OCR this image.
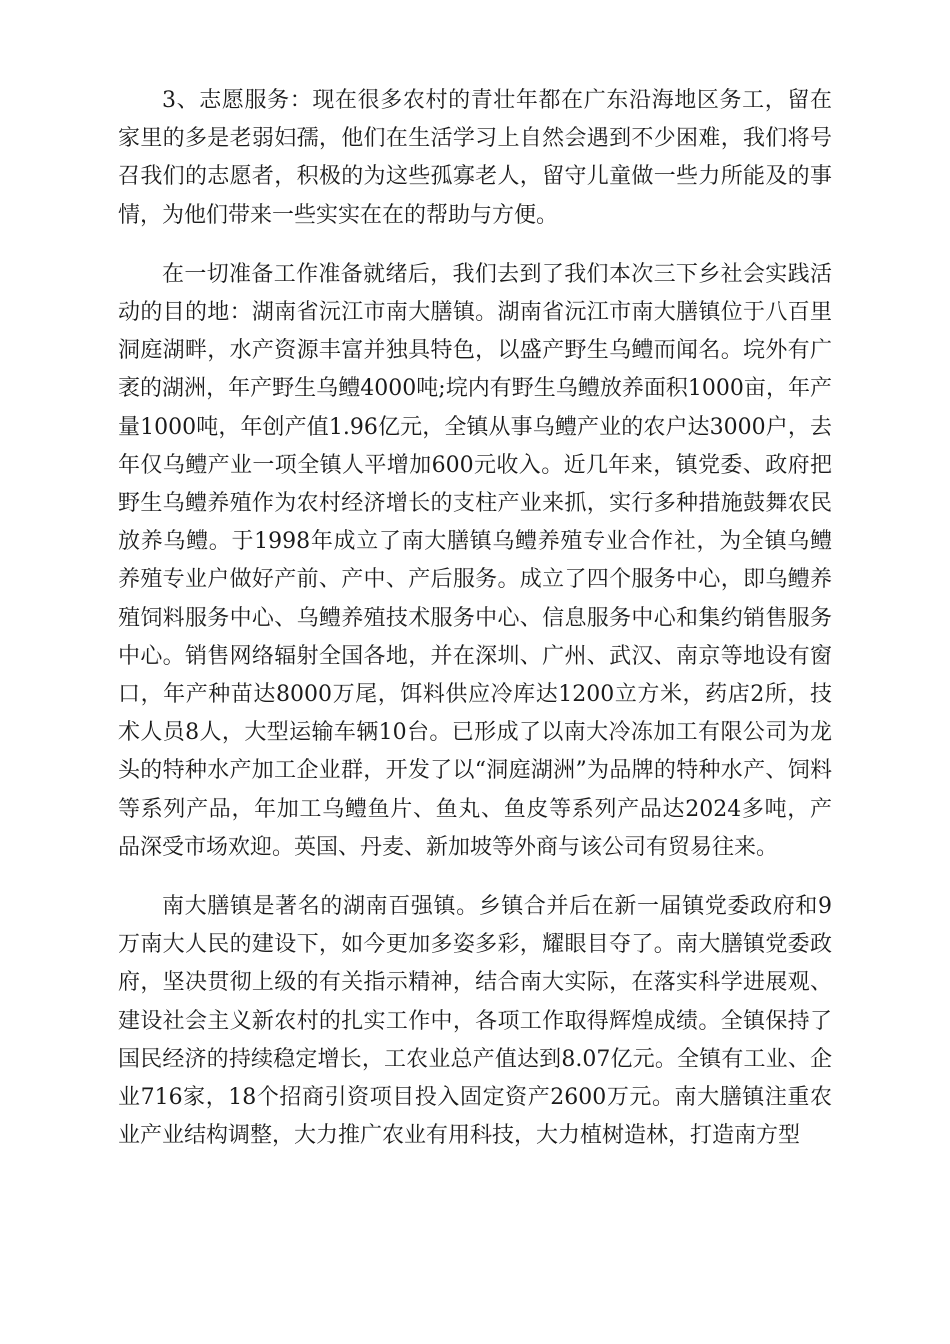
3、志愿服务：现在很多农村的青壮年都在广东沿海地区务工，留在家里的多是老弱妇孺，他们在生活学习上自然会遇到不少困难，我们将号召我们的志愿者，积极的为这些孤寡老人，留守儿童做一些力所能及的事情，为他们带来一些实实在在的帮助与方便。

在一切准备工作准备就绪后，我们去到了我们本次三下乡社会实践活动的目的地：湖南省沅江市南大膳镇。湖南省沅江市南大膳镇位于八百里洞庭湖畔，水产资源丰富并独具特色，以盛产野生乌鳢而闻名。垸外有广袤的湖洲，年产野生乌鳢4000吨;垸内有野生乌鳢放养面积1000亩，年产量1000吨，年创产值1.96亿元，全镇从事乌鳢产业的农户达3000户，去年仅乌鳢产业一项全镇人平增加600元收入。近几年来，镇党委、政府把野生乌鳢养殖作为农村经济增长的支柱产业来抓，实行多种措施鼓舞农民放养乌鳢。于1998年成立了南大膳镇乌鳢养殖专业合作社，为全镇乌鳢养殖专业户做好产前、产中、产后服务。成立了四个服务中心，即乌鳢养殖饲料服务中心、乌鳢养殖技术服务中心、信息服务中心和集约销售服务中心。销售网络辐射全国各地，并在深圳、广州、武汉、南京等地设有窗口，年产种苗达8000万尾，饵料供应冷库达1200立方米，药店2所，技术人员8人，大型运输车辆10台。已形成了以南大冷冻加工有限公司为龙头的特种水产加工企业群，开发了以“洞庭湖洲”为品牌的特种水产、饲料等系列产品，年加工乌鳢鱼片、鱼丸、鱼皮等系列产品达2024多吨，产品深受市场欢迎。英国、丹麦、新加坡等外商与该公司有贸易往来。

南大膳镇是著名的湖南百强镇。乡镇合并后在新一届镇党委政府和9万南大人民的建设下，如今更加多姿多彩，耀眼目夺了。南大膳镇党委政府，坚决贯彻上级的有关指示精神，结合南大实际，在落实科学进展观、建设社会主义新农村的扎实工作中，各项工作取得辉煌成绩。全镇保持了国民经济的持续稳定增长，工农业总产值达到8.07亿元。全镇有工业、企业716家，18个招商引资项目投入固定资产2600万元。南大膳镇注重农业产业结构调整，大力推广农业有用科技，大力植树造林，打造南方型
